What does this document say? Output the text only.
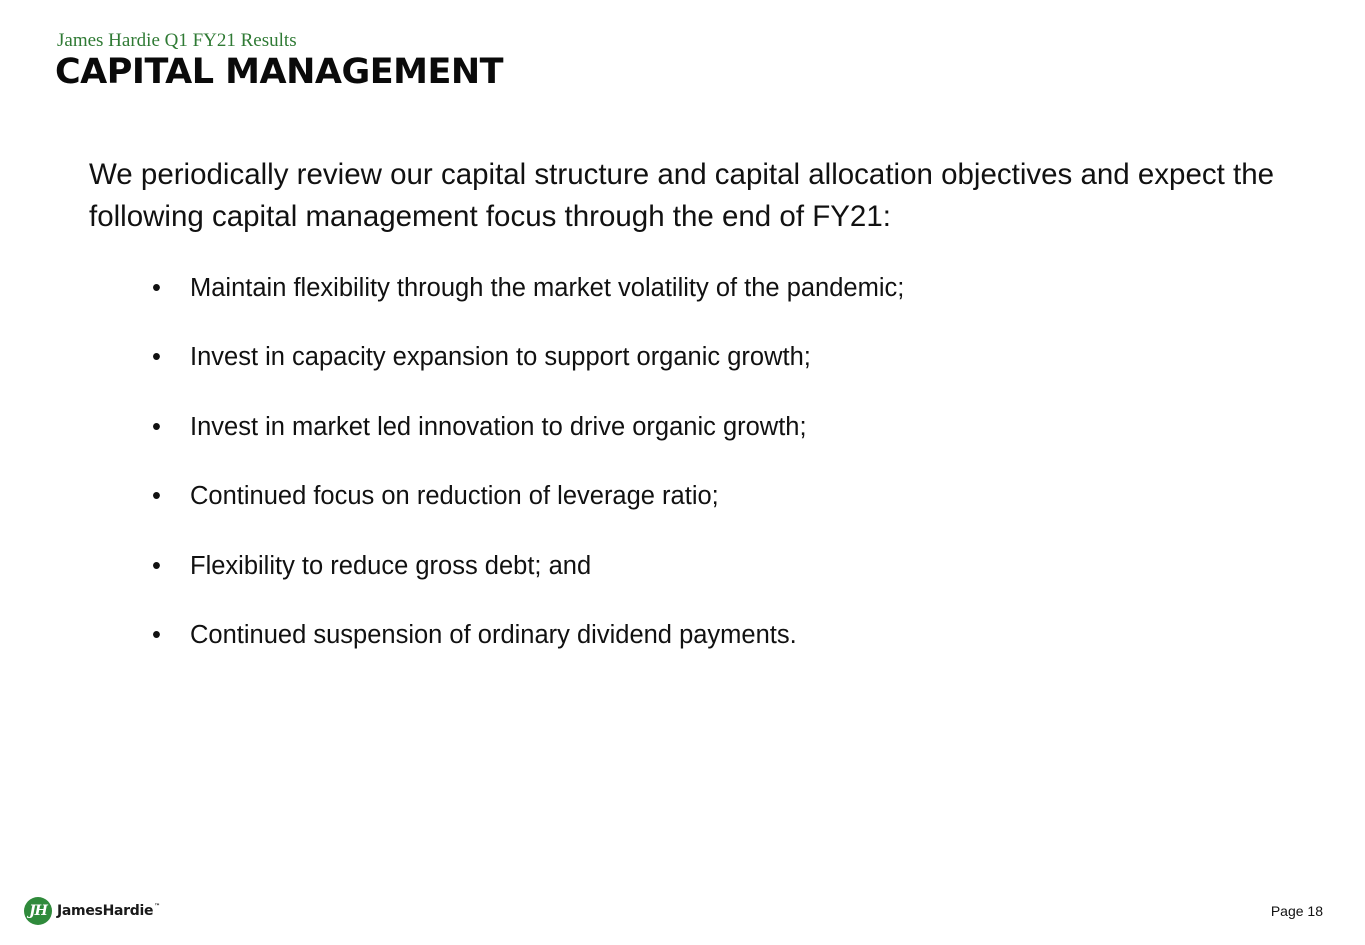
James Hardie Q1 FY21 Results
CAPITAL MANAGEMENT
We periodically review our capital structure and capital allocation objectives and expect the following capital management focus through the end of FY21:
•	Maintain flexibility through the market volatility of the pandemic;
•	Invest in capacity expansion to support organic growth;
•	Invest in market led innovation to drive organic growth;
•	Continued focus on reduction of leverage ratio;
•	Flexibility to reduce gross debt; and
•	Continued suspension of ordinary dividend payments.
JH JamesHardie™	Page 18
